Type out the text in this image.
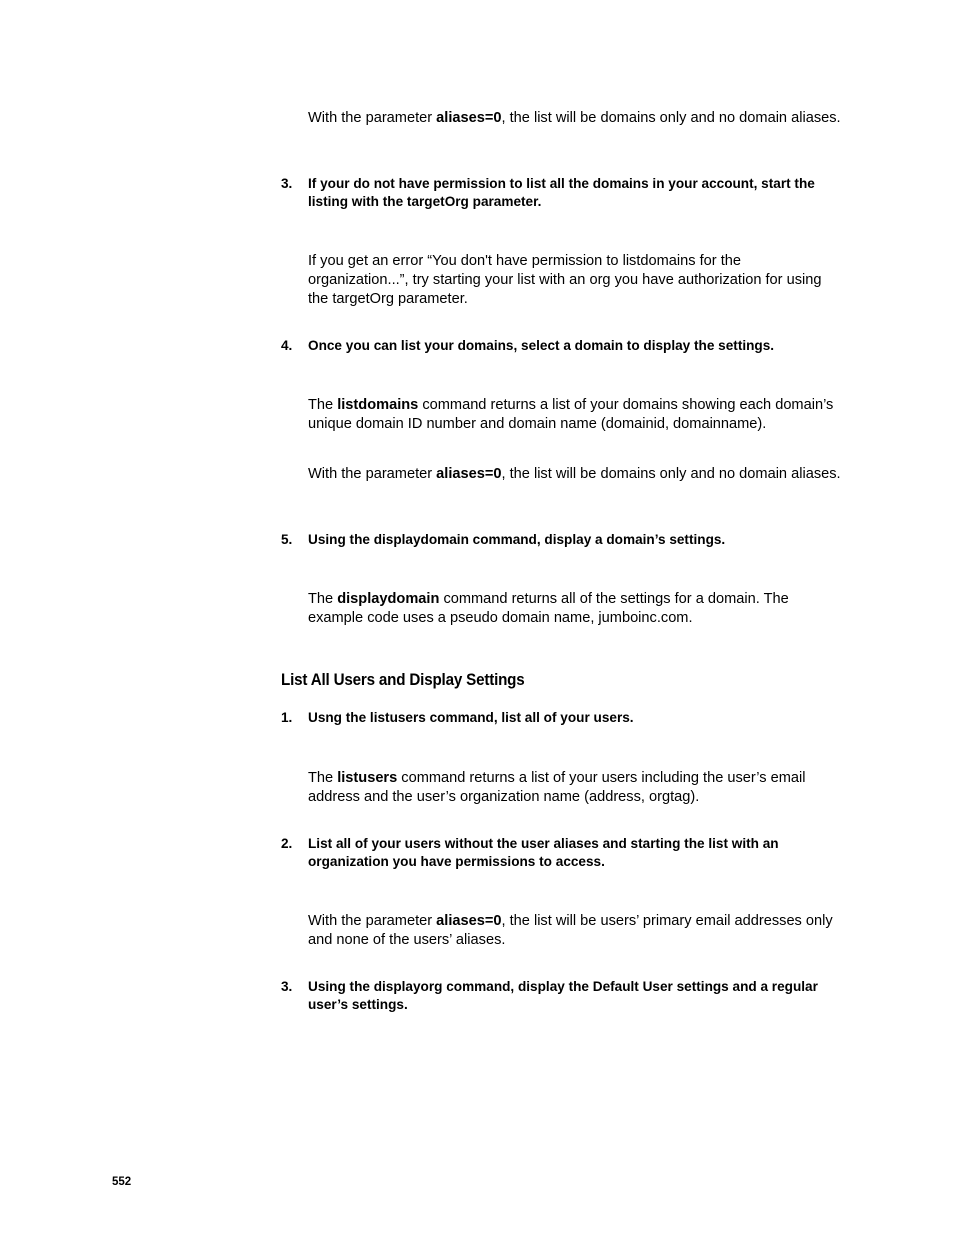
With the parameter aliases=0, the list will be domains only and no domain aliases.

3. If your do not have permission to list all the domains in your account, start the listing with the targetOrg parameter.

If you get an error “You don't have permission to listdomains for the organization...”, try starting your list with an org you have authorization for using the targetOrg parameter.

4. Once you can list your domains, select a domain to display the settings.

The listdomains command returns a list of your domains showing each domain’s unique domain ID number and domain name (domainid, domainname).

With the parameter aliases=0, the list will be domains only and no domain aliases.

5. Using the displaydomain command, display a domain’s settings.

The displaydomain command returns all of the settings for a domain. The example code uses a pseudo domain name, jumboinc.com.

List All Users and Display Settings
1. Usng the listusers command, list all of your users.

The listusers command returns a list of your users including the user’s email address and the user’s organization name (address, orgtag).

2. List all of your users without the user aliases and starting the list with an organization you have permissions to access.

With the parameter aliases=0, the list will be users’ primary email addresses only and none of the users’ aliases.

3. Using the displayorg command, display the Default User settings and a regular user’s settings.
552
